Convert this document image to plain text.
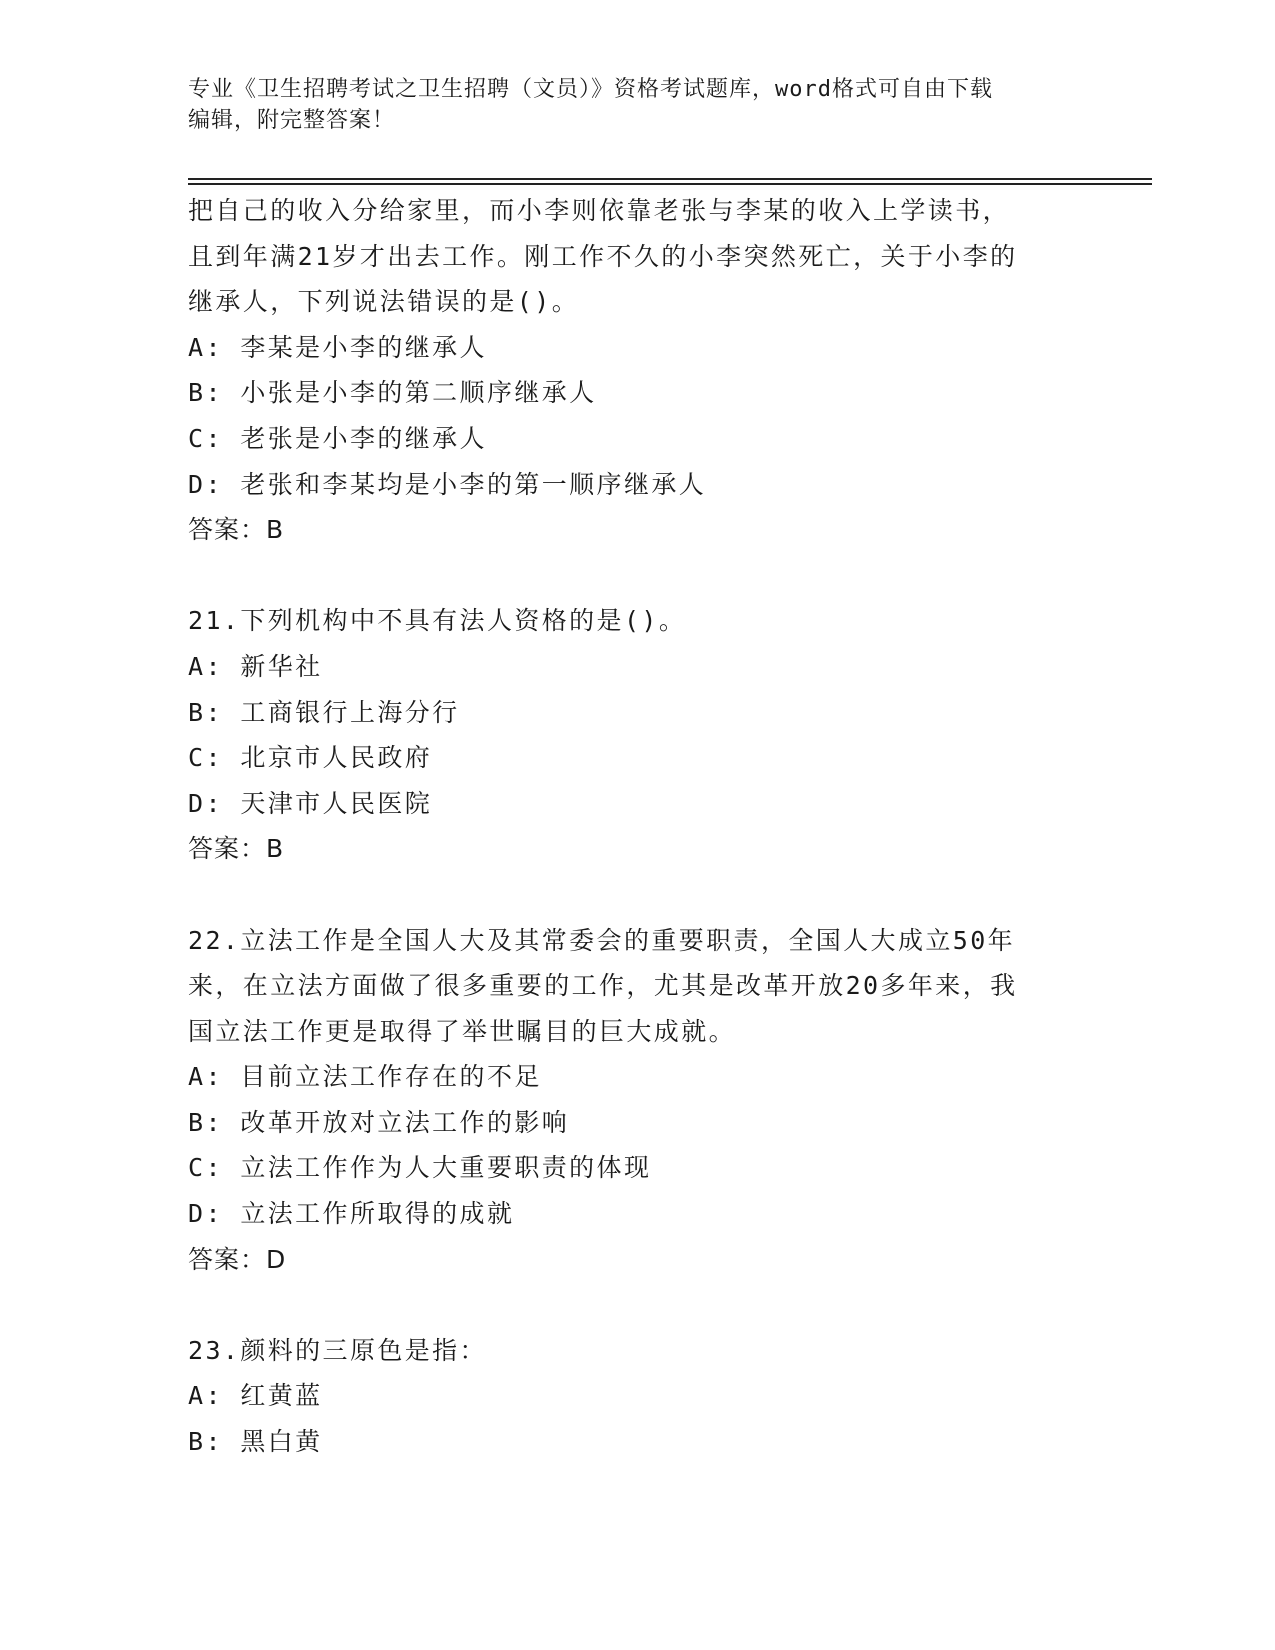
专业《卫生招聘考试之卫生招聘（文员）》资格考试题库，word格式可自由下载
编辑，附完整答案！
把自己的收入分给家里，而小李则依靠老张与李某的收入上学读书，
且到年满21岁才出去工作。刚工作不久的小李突然死亡，关于小李的
继承人，下列说法错误的是()。
A: 李某是小李的继承人
B: 小张是小李的第二顺序继承人
C: 老张是小李的继承人
D: 老张和李某均是小李的第一顺序继承人
答案：B
21.下列机构中不具有法人资格的是()。
A: 新华社
B: 工商银行上海分行
C: 北京市人民政府
D: 天津市人民医院
答案：B
22.立法工作是全国人大及其常委会的重要职责，全国人大成立50年
来，在立法方面做了很多重要的工作，尤其是改革开放20多年来，我
国立法工作更是取得了举世瞩目的巨大成就。
A: 目前立法工作存在的不足
B: 改革开放对立法工作的影响
C: 立法工作作为人大重要职责的体现
D: 立法工作所取得的成就
答案：D
23.颜料的三原色是指：
A: 红黄蓝
B: 黑白黄
